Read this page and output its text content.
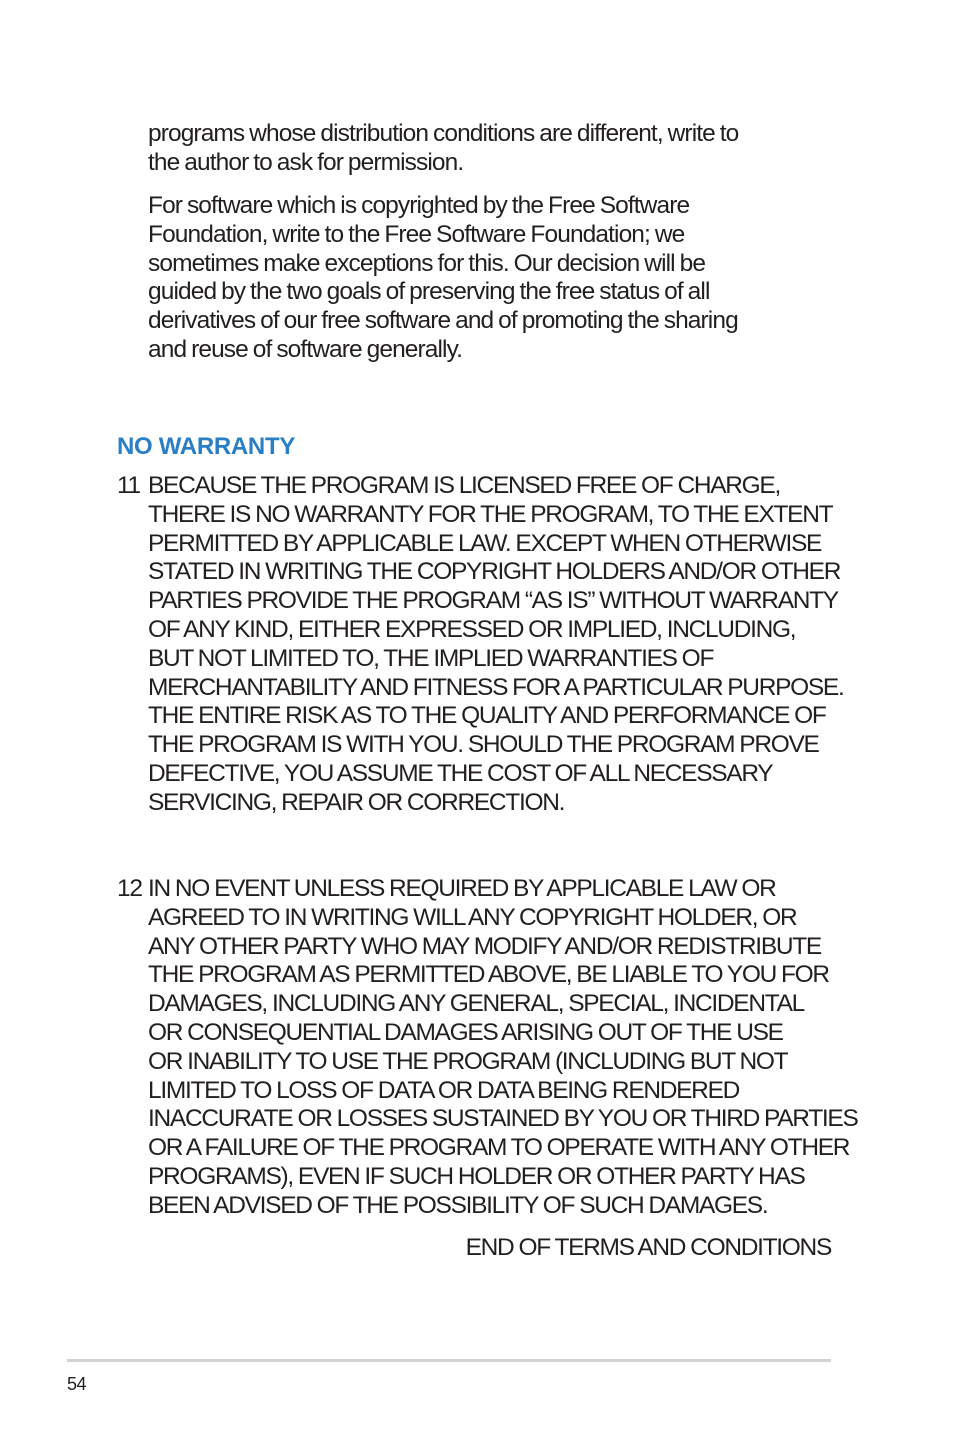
programs whose distribution conditions are different, write to
the author to ask for permission.
For software which is copyrighted by the Free Software
Foundation, write to the Free Software Foundation; we
sometimes make exceptions for this. Our decision will be
guided by the two goals of preserving the free status of all
derivatives of our free software and of promoting the sharing
and reuse of software generally.
NO WARRANTY
11 BECAUSE THE PROGRAM IS LICENSED FREE OF CHARGE,
THERE IS NO WARRANTY FOR THE PROGRAM, TO THE EXTENT
PERMITTED BY APPLICABLE LAW. EXCEPT WHEN OTHERWISE
STATED IN WRITING THE COPYRIGHT HOLDERS AND/OR OTHER
PARTIES PROVIDE THE PROGRAM “AS IS” WITHOUT WARRANTY
OF ANY KIND, EITHER EXPRESSED OR IMPLIED, INCLUDING,
BUT NOT LIMITED TO, THE IMPLIED WARRANTIES OF
MERCHANTABILITY AND FITNESS FOR A PARTICULAR PURPOSE.
THE ENTIRE RISK AS TO THE QUALITY AND PERFORMANCE OF
THE PROGRAM IS WITH YOU. SHOULD THE PROGRAM PROVE
DEFECTIVE, YOU ASSUME THE COST OF ALL NECESSARY
SERVICING, REPAIR OR CORRECTION.
12 IN NO EVENT UNLESS REQUIRED BY APPLICABLE LAW OR
AGREED TO IN WRITING WILL ANY COPYRIGHT HOLDER, OR
ANY OTHER PARTY WHO MAY MODIFY AND/OR REDISTRIBUTE
THE PROGRAM AS PERMITTED ABOVE, BE LIABLE TO YOU FOR
DAMAGES, INCLUDING ANY GENERAL, SPECIAL, INCIDENTAL
OR CONSEQUENTIAL DAMAGES ARISING OUT OF THE USE
OR INABILITY TO USE THE PROGRAM (INCLUDING BUT NOT
LIMITED TO LOSS OF DATA OR DATA BEING RENDERED
INACCURATE OR LOSSES SUSTAINED BY YOU OR THIRD PARTIES
OR A FAILURE OF THE PROGRAM TO OPERATE WITH ANY OTHER
PROGRAMS), EVEN IF SUCH HOLDER OR OTHER PARTY HAS
BEEN ADVISED OF THE POSSIBILITY OF SUCH DAMAGES.
END OF TERMS AND CONDITIONS
54
